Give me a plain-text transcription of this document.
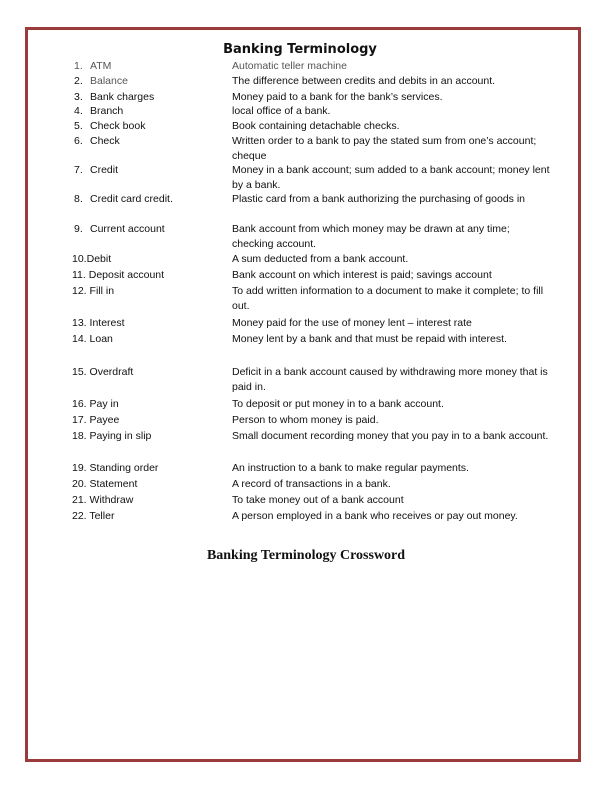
Banking Terminology
1. ATM	Automatic teller machine
2. Balance	The difference between credits and debits in an account.
3. Bank charges	Money paid to a bank for the bank’s services.
4. Branch	local office of a bank.
5. Check book	Book containing detachable checks.
6. Check	Written order to a bank to pay the stated sum from one’s account; cheque
7. Credit	Money in a bank account; sum added to a bank account; money lent by a bank.
8. Credit card credit.	Plastic card from a bank authorizing the purchasing of goods in
9. Current account	Bank account from which money may be drawn at any time; checking account.
10.Debit	A sum deducted from a bank account.
11. Deposit account	Bank account on which interest is paid; savings account
12. Fill in	To add written information to a document to make it complete; to fill out.
13. Interest	Money paid for the use of money lent – interest rate
14. Loan	Money lent by a bank and that must be repaid with interest.
15. Overdraft	Deficit in a bank account caused by withdrawing more money that is paid in.
16. Pay in	To deposit or put money in to a bank account.
17. Payee	Person to whom money is paid.
18. Paying in slip	Small document recording money that you pay in to a bank account.
19. Standing order	An instruction to a bank to make regular payments.
20. Statement	A record of transactions in a bank.
21. Withdraw	To take money out of a bank account
22. Teller	A person employed in a bank who receives or pay out money.
Banking Terminology Crossword
